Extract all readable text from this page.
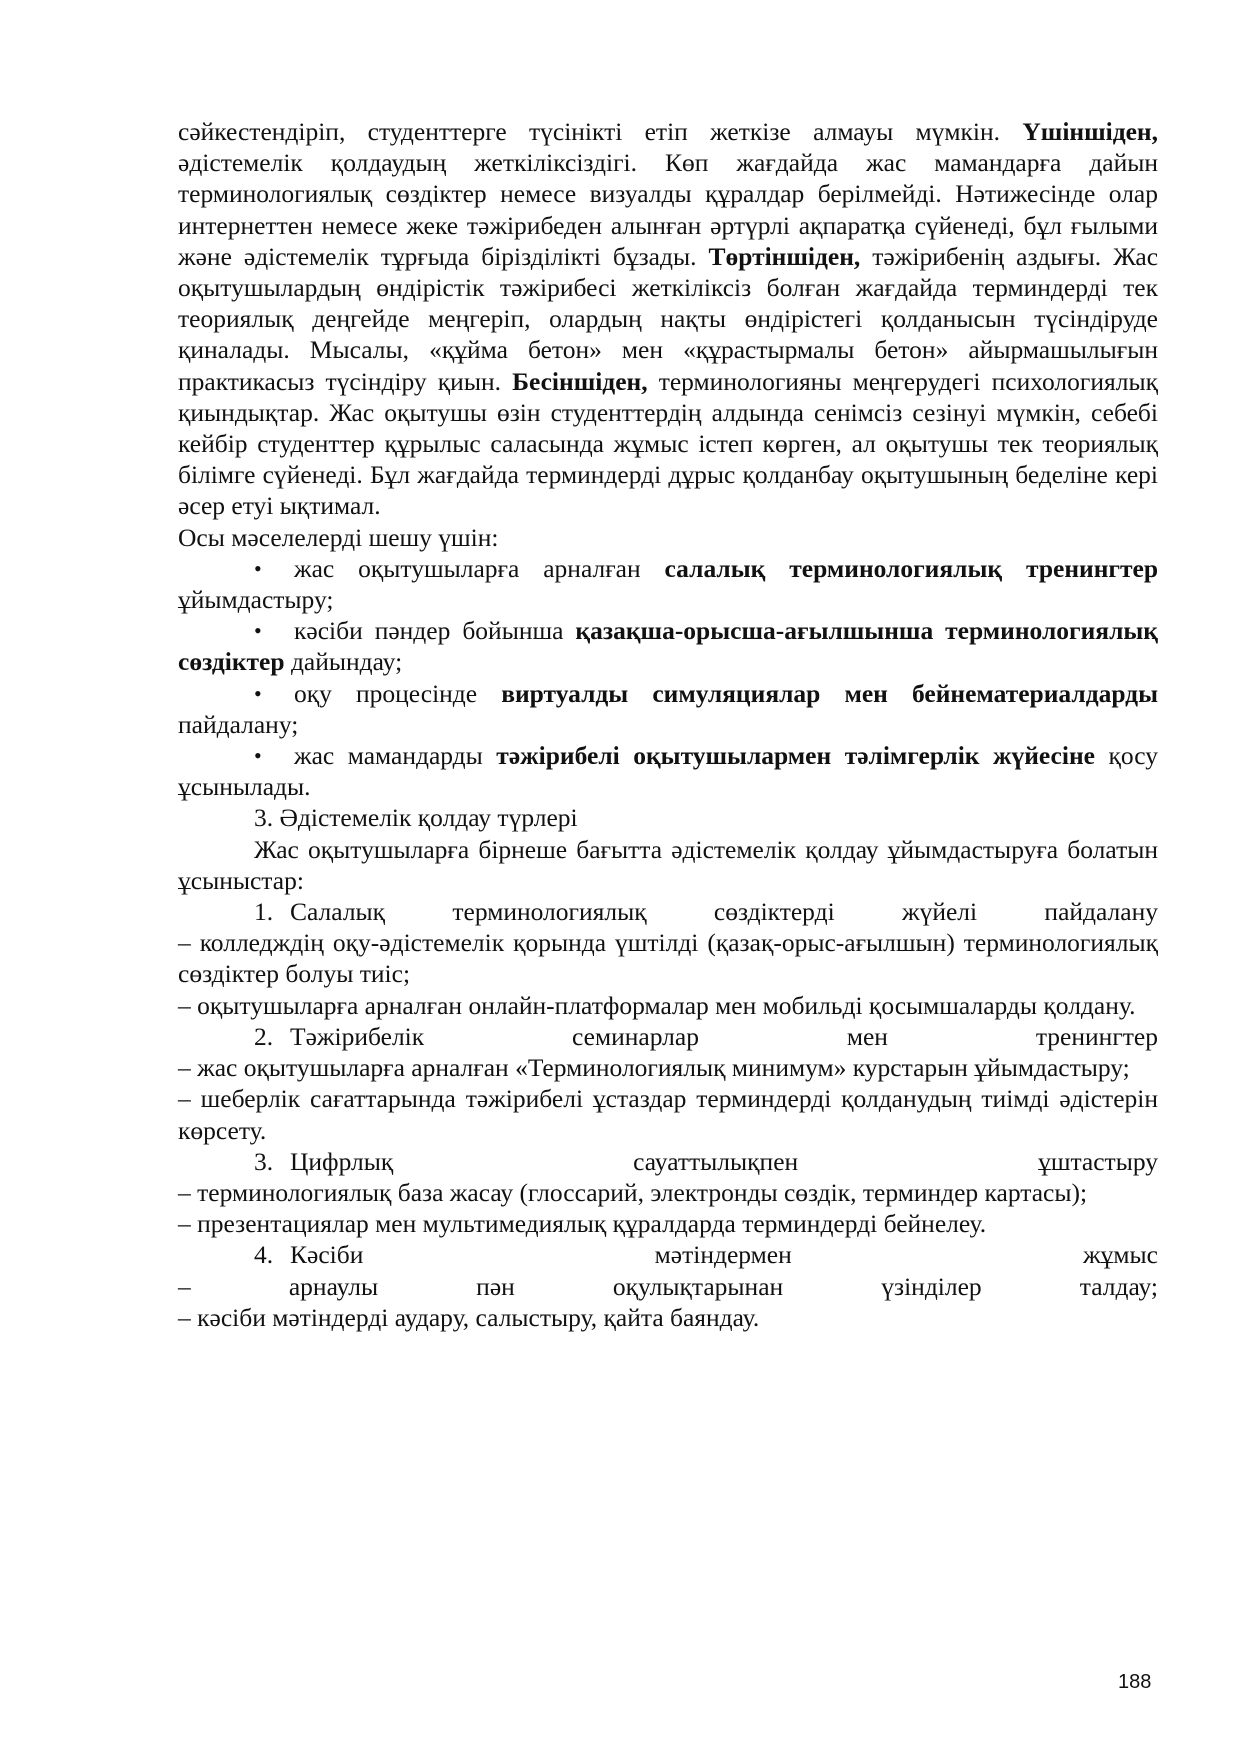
сәйкестендіріп, студенттерге түсінікті етіп жеткізе алмауы мүмкін. Үшіншіден, әдістемелік қолдаудың жеткіліксіздігі. Көп жағдайда жас мамандарға дайын терминологиялық сөздіктер немесе визуалды құралдар берілмейді. Нәтижесінде олар интернеттен немесе жеке тәжірибеден алынған әртүрлі ақпаратқа сүйенеді, бұл ғылыми және әдістемелік тұрғыда бірізділікті бұзады. Төртіншіден, тәжірибенің аздығы. Жас оқытушылардың өндірістік тәжірибесі жеткіліксіз болған жағдайда терминдерді тек теориялық деңгейде меңгеріп, олардың нақты өндірістегі қолданысын түсіндіруде қиналады. Мысалы, «құйма бетон» мен «құрастырмалы бетон» айырмашылығын практикасыз түсіндіру қиын. Бесіншіден, терминологияны меңгерудегі психологиялық қиындықтар. Жас оқытушы өзін студенттердің алдында сенімсіз сезінуі мүмкін, себебі кейбір студенттер құрылыс саласында жұмыс істеп көрген, ал оқытушы тек теориялық білімге сүйенеді. Бұл жағдайда терминдерді дұрыс қолданбау оқытушының беделіне кері әсер етуі ықтимал.

Осы мәселелерді шешу үшін:

• жас оқытушыларға арналған салалық терминологиялық тренингтер ұйымдастыру;
• кәсіби пәндер бойынша қазақша-орысша-ағылшынша терминологиялық сөздіктер дайындау;
• оқу процесінде виртуалды симуляциялар мен бейнематериалдарды пайдалану;
• жас мамандарды тәжірибелі оқытушылармен тәлімгерлік жүйесіне қосу ұсынылады.

3. Әдістемелік қолдау түрлері

Жас оқытушыларға бірнеше бағытта әдістемелік қолдау ұйымдастыруға болатын ұсыныстар:

1. Салалық терминологиялық сөздіктерді жүйелі пайдалану

– колледждің оқу-әдістемелік қорында үштілді (қазақ-орыс-ағылшын) терминологиялық сөздіктер болуы тиіс;

– оқытушыларға арналған онлайн-платформалар мен мобильді қосымшаларды қолдану.

2. Тәжірибелік семинарлар мен тренингтер

– жас оқытушыларға арналған «Терминологиялық минимум» курстарын ұйымдастыру;

– шеберлік сағаттарында тәжірибелі ұстаздар терминдерді қолданудың тиімді әдістерін көрсету.

3. Цифрлық сауаттылықпен ұштастыру

– терминологиялық база жасау (глоссарий, электронды сөздік, терминдер картасы);

– презентациялар мен мультимедиялық құралдарда терминдерді бейнелеу.

4. Кәсіби мәтіндермен жұмыс

– арнаулы пән оқулықтарынан үзінділер талдау;

– кәсіби мәтіндерді аудару, салыстыру, қайта баяндау.

188
